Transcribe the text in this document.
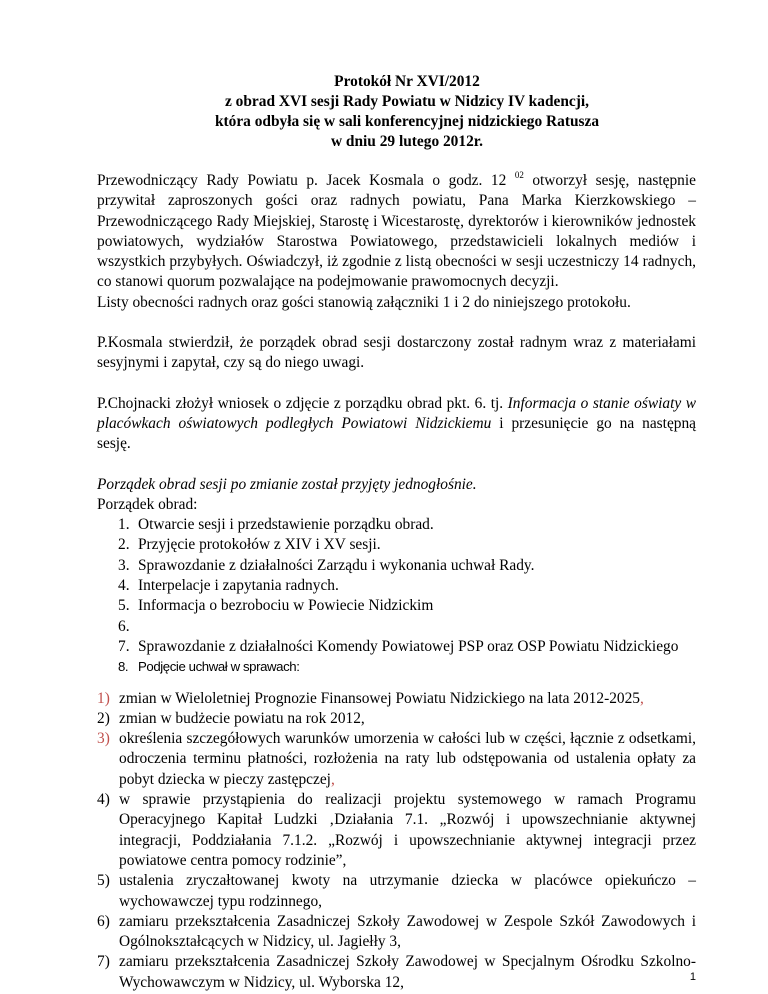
Protokół Nr XVI/2012
z obrad XVI sesji Rady Powiatu w Nidzicy IV kadencji,
która odbyła się w sali konferencyjnej nidzickiego Ratusza
w dniu 29 lutego 2012r.

Przewodniczący Rady Powiatu p. Jacek Kosmala o godz. 12 $^{02}$ otworzył sesję, następnie przywitał zaproszonych gości oraz radnych powiatu, Pana Marka Kierzkowskiego – Przewodniczącego Rady Miejskiej, Starostę i Wicestarostę, dyrektorów i kierowników jednostek powiatowych, wydziałów Starostwa Powiatowego, przedstawicieli lokalnych mediów i wszystkich przybyłych. Oświadczył, iż zgodnie z listą obecności w sesji uczestniczy 14 radnych, co stanowi quorum pozwalające na podejmowanie prawomocnych decyzji.

Listy obecności radnych oraz gości stanowią załączniki 1 i 2 do niniejszego protokołu.

P.Kosmala stwierdził, że porządek obrad sesji dostarczony został radnym wraz z materiałami sesyjnymi i zapytał, czy są do niego uwagi.

P.Chojnacki złożył wniosek o zdjęcie z porządku obrad pkt. 6. tj. Informacja o stanie oświaty w placówkach oświatowych podległych Powiatowi Nidzickiemu i przesunięcie go na następną sesję.

Porządek obrad sesji po zmianie został przyjęty jednogłośnie.

Porządek obrad:

1. Otwarcie sesji i przedstawienie porządku obrad.
2. Przyjęcie protokołów z XIV i XV sesji.
3. Sprawozdanie z działalności Zarządu i wykonania uchwał Rady.
4. Interpelacje i zapytania radnych.
5. Informacja o bezrobociu w Powiecie Nidzickim
6.

7. Sprawozdanie z działalności Komendy Powiatowej PSP oraz OSP Powiatu Nidzickiego
8. Podjęcie uchwał w sprawach:
1) zmian w Wieloletniej Prognozie Finansowej Powiatu Nidzickiego na lata 2012-2025,
2) zmian w budżecie powiatu na rok 2012,
3) określenia szczegółowych warunków umorzenia w całości lub w części, łącznie z odsetkami, odroczenia terminu płatności, rozłożenia na raty lub odstępowania od ustalenia opłaty za pobyt dziecka w pieczy zastępczej,
4) w sprawie przystąpienia do realizacji projektu systemowego w ramach Programu Operacyjnego Kapitał Ludzki ‚Działania 7.1. „Rozwój i upowszechnianie aktywnej integracji, Poddziałania 7.1.2. „Rozwój i upowszechnianie aktywnej integracji przez powiatowe centra pomocy rodzinie”,
5) ustalenia zryczałtowanej kwoty na utrzymanie dziecka w placówce opiekuńczo – wychowawczej typu rodzinnego,
6) zamiaru przekształcenia Zasadniczej Szkoły Zawodowej w Zespole Szkół Zawodowych i Ogólnokształcących w Nidzicy, ul. Jagiełły 3,
7) zamiaru przekształcenia Zasadniczej Szkoły Zawodowej w Specjalnym Ośrodku Szkolno-Wychowawczym w Nidzicy, ul. Wyborska 12,	1
